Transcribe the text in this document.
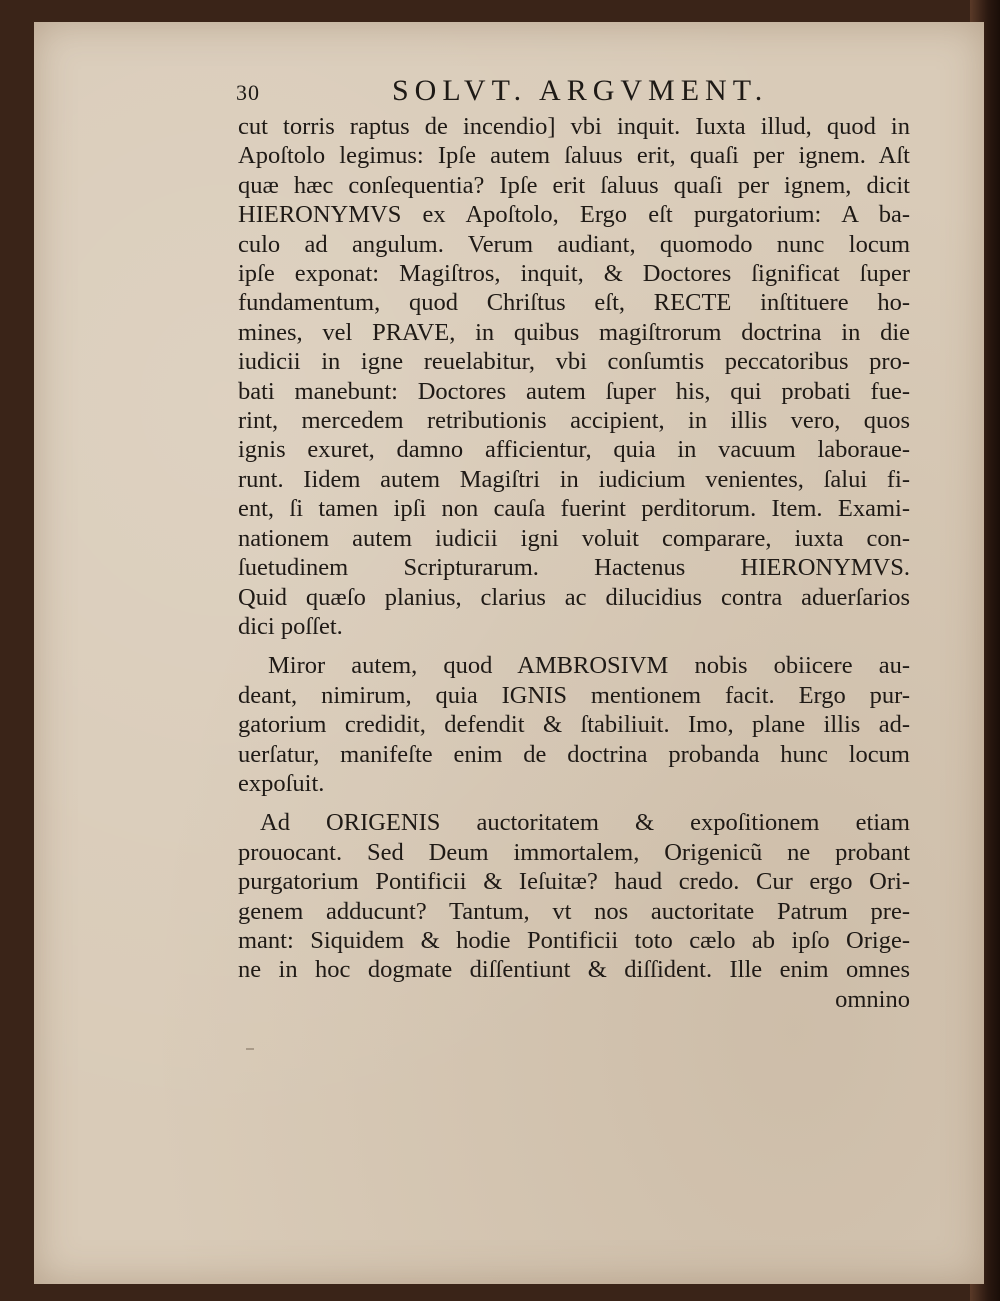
30	SOLVT. ARGVMENT.
cut torris raptus de incendio] vbi inquit. Iuxta illud, quod in
Apoſtolo legimus: Ipſe autem ſaluus erit, quaſi per ignem. Aſt
quæ hæc conſequentia? Ipſe erit ſaluus quaſi per ignem, dicit
HIERONYMVS ex Apoſtolo, Ergo eſt purgatorium: A ba-
culo ad angulum. Verum audiant, quomodo nunc locum
ipſe exponat: Magiſtros, inquit, & Doctores ſignificat ſuper
fundamentum, quod Chriſtus eſt, RECTE inſtituere ho-
mines, vel PRAVE, in quibus magiſtrorum doctrina in die
iudicii in igne reuelabitur, vbi conſumtis peccatoribus pro-
bati manebunt: Doctores autem ſuper his, qui probati fue-
rint, mercedem retributionis accipient, in illis vero, quos
ignis exuret, damno afficientur, quia in vacuum laboraue-
runt. Iidem autem Magiſtri in iudicium venientes, ſalui fi-
ent, ſi tamen ipſi non cauſa fuerint perditorum. Item. Exami-
nationem autem iudicii igni voluit comparare, iuxta con-
ſuetudinem Scripturarum. Hactenus HIERONYMVS.
Quid quæſo planius, clarius ac dilucidius contra aduerſarios
dici poſſet.
Miror autem, quod AMBROSIVM nobis obiicere au-
deant, nimirum, quia IGNIS mentionem facit. Ergo pur-
gatorium credidit, defendit & ſtabiliuit. Imo, plane illis ad-
uerſatur, manifeſte enim de doctrina probanda hunc locum
expoſuit.
Ad ORIGENIS auctoritatem & expoſitionem etiam
prouocant. Sed Deum immortalem, Origenicũ ne probant
purgatorium Pontificii & Ieſuitæ? haud credo. Cur ergo Ori-
genem adducunt? Tantum, vt nos auctoritate Patrum pre-
mant: Siquidem & hodie Pontificii toto cælo ab ipſo Orige-
ne in hoc dogmate diſſentiunt & diſſident. Ille enim omnes
omnino
